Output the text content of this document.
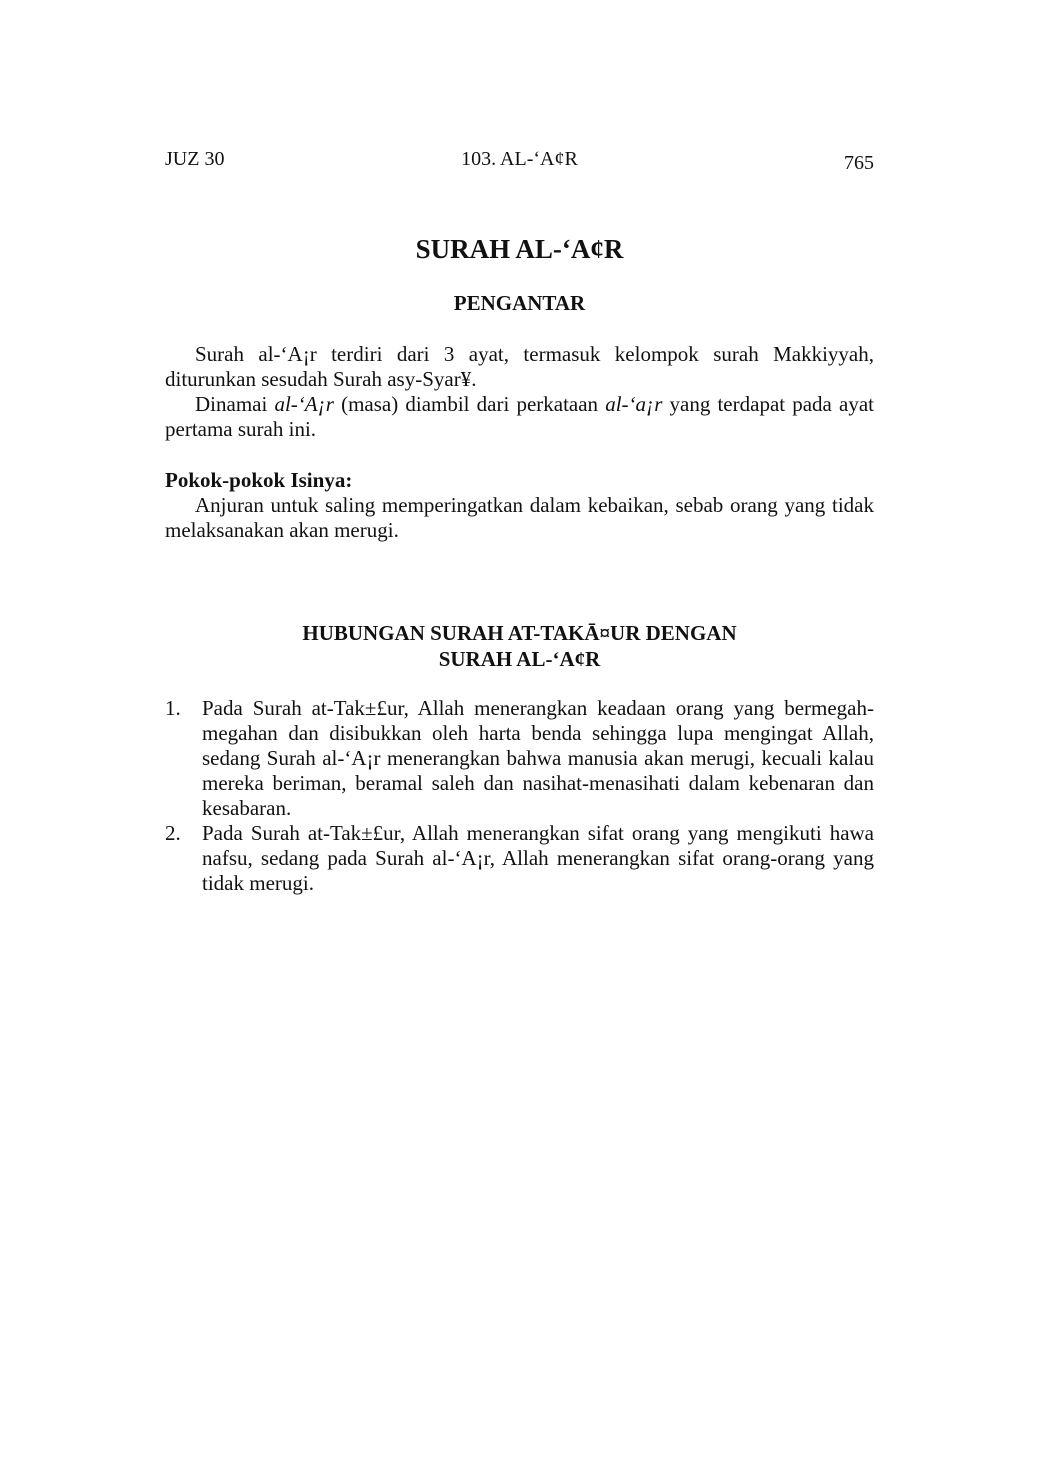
JUZ 30	103. AL-‘A¢R	765
SURAH AL-‘A¢R
PENGANTAR

Surah al-‘A¡r terdiri dari 3 ayat, termasuk kelompok surah Makkiyyah, diturunkan sesudah Surah asy-Syar¥.

Dinamai al-‘A¡r (masa) diambil dari perkataan al-‘a¡r yang terdapat pada ayat pertama surah ini.

Pokok-pokok Isinya:

Anjuran untuk saling memperingatkan dalam kebaikan, sebab orang yang tidak melaksanakan akan merugi.

HUBUNGAN SURAH AT-TAKĀ¤UR DENGAN
SURAH AL-‘A¢R
1. Pada Surah at-Tak±£ur, Allah menerangkan keadaan orang yang bermegah-megahan dan disibukkan oleh harta benda sehingga lupa mengingat Allah, sedang Surah al-‘A¡r menerangkan bahwa manusia akan merugi, kecuali kalau mereka beriman, beramal saleh dan nasihat-menasihati dalam kebenaran dan kesabaran.
2. Pada Surah at-Tak±£ur, Allah menerangkan sifat orang yang mengikuti hawa nafsu, sedang pada Surah al-‘A¡r, Allah menerangkan sifat orang-orang yang tidak merugi.
